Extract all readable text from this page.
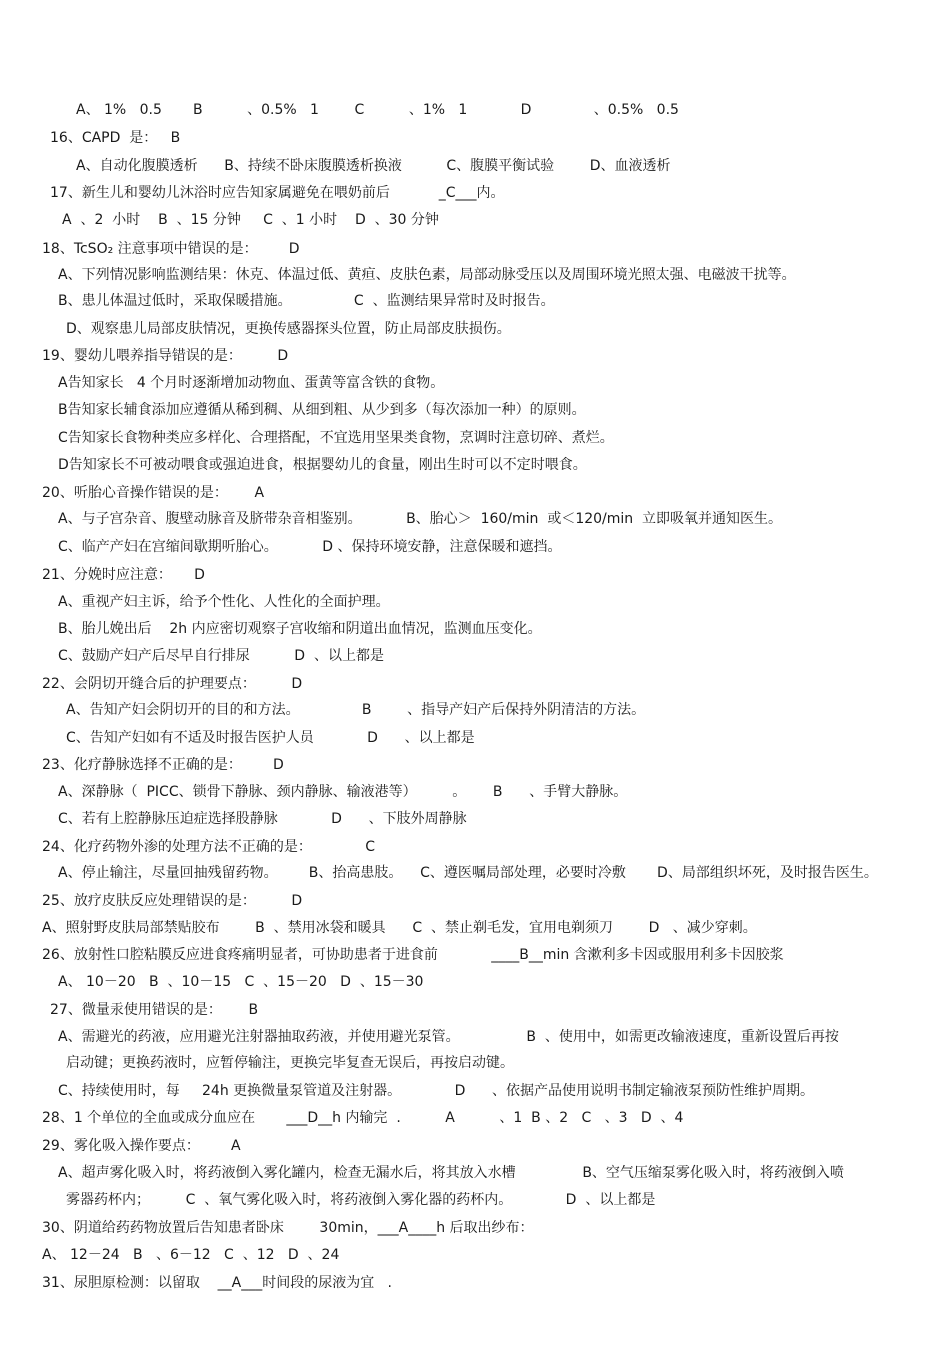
A、 1%   0.5       B          、0.5%   1        C          、1%   1            D              、0.5%   0.5
16、CAPD  是：   B
A、自动化腹膜透析      B、持续不卧床腹膜透析换液          C、腹膜平衡试验        D、血液透析
17、新生儿和婴幼儿沐浴时应告知家属避免在喂奶前后           _C___内。
A  、2  小时    B  、15 分钟     C  、1 小时    D  、30 分钟
18、TcSO₂ 注意事项中错误的是：       D
A、下列情况影响监测结果：休克、体温过低、黄疸、皮肤色素，局部动脉受压以及周围环境光照太强、电磁波干扰等。
B、患儿体温过低时，采取保暖措施。              C  、监测结果异常时及时报告。
D、观察患儿局部皮肤情况，更换传感器探头位置，防止局部皮肤损伤。
19、婴幼儿喂养指导错误的是：        D
A告知家长   4 个月时逐渐增加动物血、蛋黄等富含铁的食物。
B告知家长辅食添加应遵循从稀到稠、从细到粗、从少到多（每次添加一种）的原则。
C告知家长食物种类应多样化、合理搭配，不宜选用坚果类食物，烹调时注意切碎、煮烂。
D告知家长不可被动喂食或强迫进食，根据婴幼儿的食量，刚出生时可以不定时喂食。
20、听胎心音操作错误的是：      A
A、与子宫杂音、腹壁动脉音及脐带杂音相鉴别。          B、胎心＞  160/min  或＜120/min  立即吸氧并通知医生。
C、临产产妇在宫缩间歇期听胎心。          D 、保持环境安静，注意保暖和遮挡。
21、分娩时应注意：     D
A、重视产妇主诉，给予个性化、人性化的全面护理。
B、胎儿娩出后    2h 内应密切观察子宫收缩和阴道出血情况，监测血压变化。
C、鼓励产妇产后尽早自行排尿          D  、以上都是
22、会阴切开缝合后的护理要点：        D
A、告知产妇会阴切开的目的和方法。              B        、指导产妇产后保持外阴清洁的方法。
C、告知产妇如有不适及时报告医护人员            D      、以上都是
23、化疗静脉选择不正确的是：       D
A、深静脉（  PICC、锁骨下静脉、颈内静脉、输液港等）        。      B      、手臂大静脉。
C、若有上腔静脉压迫症选择股静脉            D      、下肢外周静脉
24、化疗药物外渗的处理方法不正确的是：            C
A、停止输注，尽量回抽残留药物。       B、抬高患肢。    C、遵医嘱局部处理，必要时冷敷       D、局部组织坏死，及时报告医生。
25、放疗皮肤反应处理错误的是：        D
A、照射野皮肤局部禁贴胶布        B  、禁用冰袋和暖具      C  、禁止剃毛发，宜用电剃须刀        D   、减少穿刺。
26、放射性口腔粘膜反应进食疼痛明显者，可协助患者于进食前            ____B__min 含漱利多卡因或服用利多卡因胶浆
A、 10－20   B  、10－15   C  、15－20   D  、15－30
27、微量汞使用错误的是：      B
A、需避光的药液，应用避光注射器抽取药液，并使用避光泵管。               B  、使用中，如需更改输液速度，重新设置后再按
启动键；更换药液时，应暂停输注，更换完毕复查无误后，再按启动键。
C、持续使用时，每     24h 更换微量泵管道及注射器。            D      、依据产品使用说明书制定输液泵预防性维护周期。
28、1 个单位的全血或成分血应在       ___D__h 内输完  .          A          、1  B 、2   C   、3   D  、4
29、雾化吸入操作要点：       A
A、超声雾化吸入时，将药液倒入雾化罐内，检查无漏水后，将其放入水槽               B、空气压缩泵雾化吸入时，将药液倒入喷
雾器药杯内；        C  、氧气雾化吸入时，将药液倒入雾化器的药杯内。            D  、以上都是
30、阴道给药药物放置后告知患者卧床        30min，___A____h 后取出纱布：
A、 12－24   B   、6－12   C  、12   D  、24
31、尿胆原检测：以留取    __A___时间段的尿液为宜   .
